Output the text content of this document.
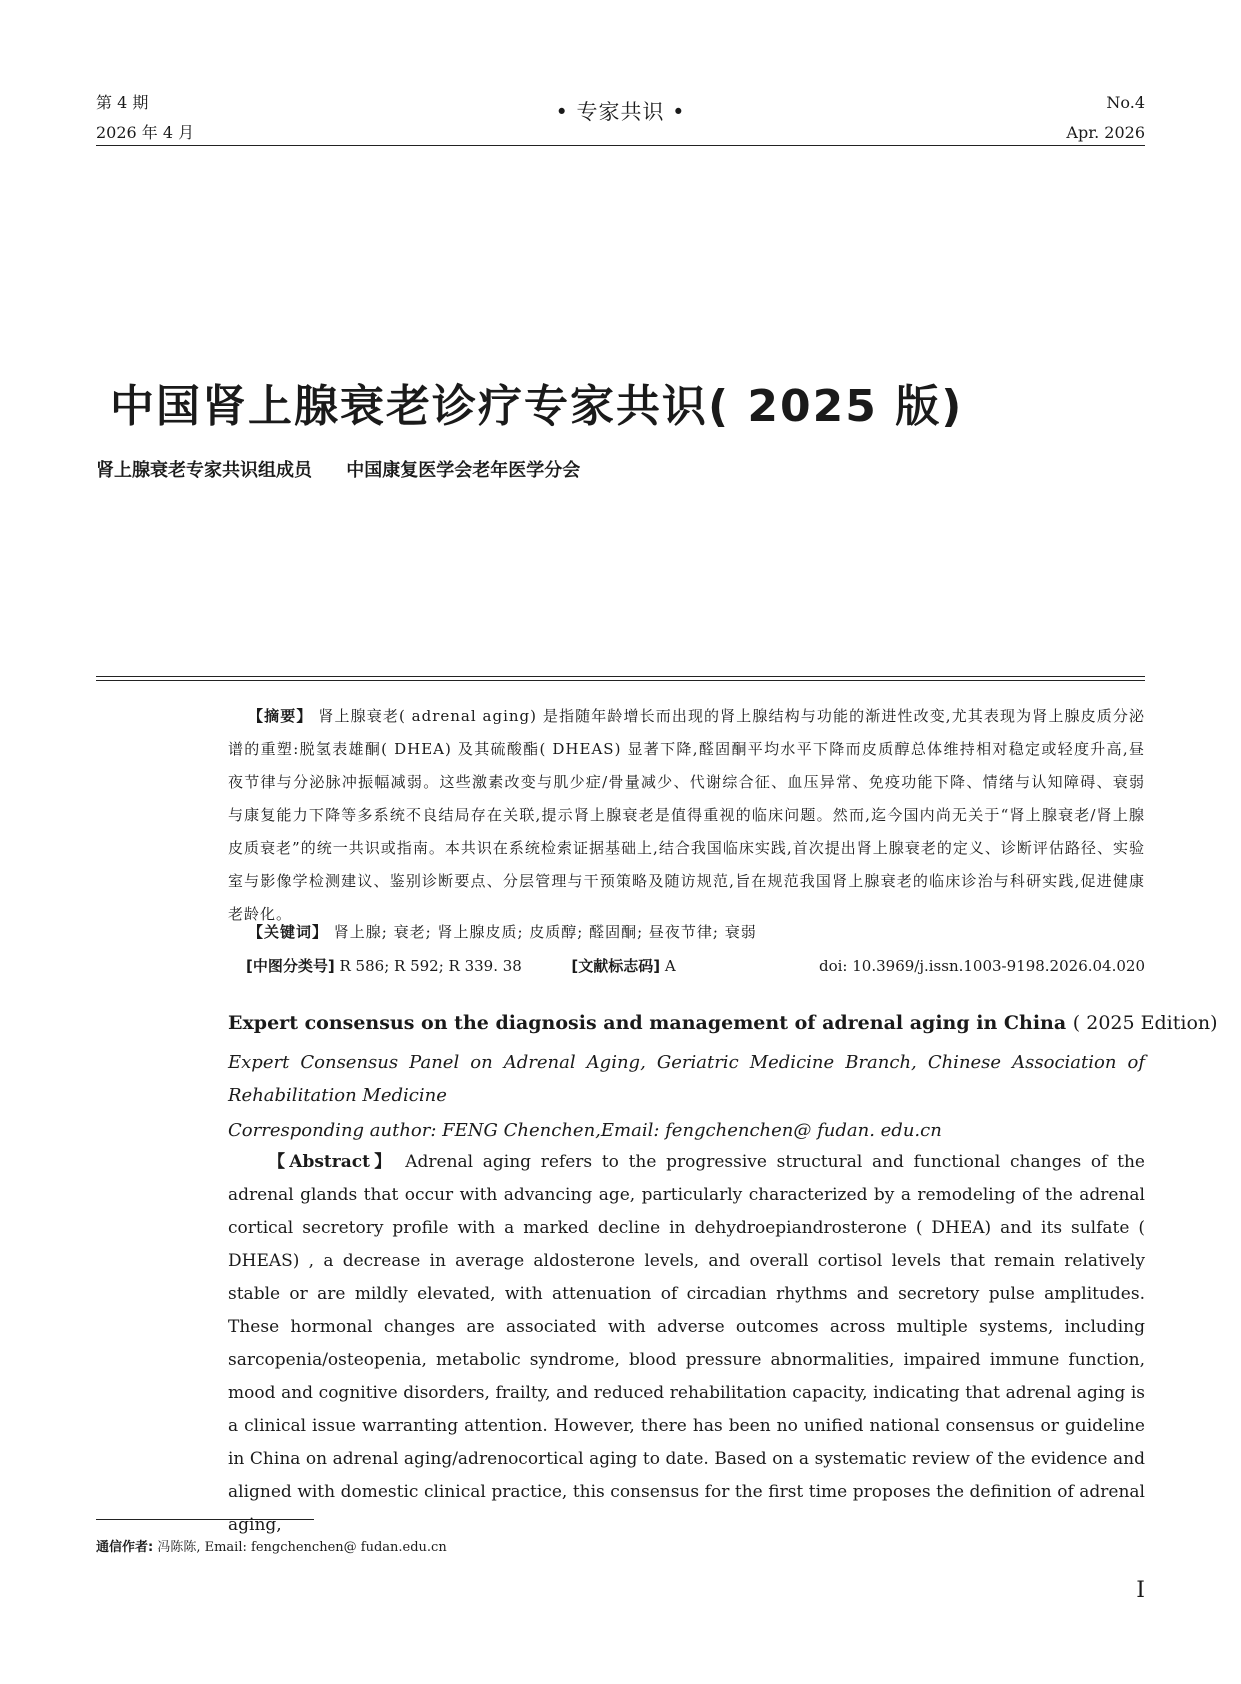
第 4 期
2026 年 4 月
• 专家共识 •	No.4
Apr. 2026
中国肾上腺衰老诊疗专家共识( 2025 版)
肾上腺衰老专家共识组成员 中国康复医学会老年医学分会
【摘要】 肾上腺衰老( adrenal aging) 是指随年龄增长而出现的肾上腺结构与功能的渐进性改变,尤其表现为肾上腺皮质分泌谱的重塑:脱氢表雄酮( DHEA) 及其硫酸酯( DHEAS) 显著下降,醛固酮平均水平下降而皮质醇总体维持相对稳定或轻度升高,昼夜节律与分泌脉冲振幅减弱。这些激素改变与肌少症/骨量减少、代谢综合征、血压异常、免疫功能下降、情绪与认知障碍、衰弱与康复能力下降等多系统不良结局存在关联,提示肾上腺衰老是值得重视的临床问题。然而,迄今国内尚无关于“肾上腺衰老/肾上腺皮质衰老”的统一共识或指南。本共识在系统检索证据基础上,结合我国临床实践,首次提出肾上腺衰老的定义、诊断评估路径、实验室与影像学检测建议、鉴别诊断要点、分层管理与干预策略及随访规范,旨在规范我国肾上腺衰老的临床诊治与科研实践,促进健康老龄化。
【关键词】 肾上腺; 衰老; 肾上腺皮质; 皮质醇; 醛固酮; 昼夜节律; 衰弱
[中图分类号] R 586; R 592; R 339. 38	[文献标志码] A	doi: 10.3969/j.issn.1003-9198.2026.04.020
Expert consensus on the diagnosis and management of adrenal aging in China ( 2025 Edition)
Expert Consensus Panel on Adrenal Aging, Geriatric Medicine Branch, Chinese Association of Rehabilitation Medicine
Corresponding author: FENG Chenchen,Email: fengchenchen@ fudan. edu.cn
【Abstract】 Adrenal aging refers to the progressive structural and functional changes of the adrenal glands that occur with advancing age, particularly characterized by a remodeling of the adrenal cortical secretory profile with a marked decline in dehydroepiandrosterone ( DHEA) and its sulfate ( DHEAS) , a decrease in average aldosterone levels, and overall cortisol levels that remain relatively stable or are mildly elevated, with attenuation of circadian rhythms and secretory pulse amplitudes. These hormonal changes are associated with adverse outcomes across multiple systems, including sarcopenia/osteopenia, metabolic syndrome, blood pressure abnormalities, impaired immune function, mood and cognitive disorders, frailty, and reduced rehabilitation capacity, indicating that adrenal aging is a clinical issue warranting attention. However, there has been no unified national consensus or guideline in China on adrenal aging/adrenocortical aging to date. Based on a systematic review of the evidence and aligned with domestic clinical practice, this consensus for the first time proposes the definition of adrenal aging,
通信作者: 冯陈陈, Email: fengchenchen@ fudan.edu.cn
I
